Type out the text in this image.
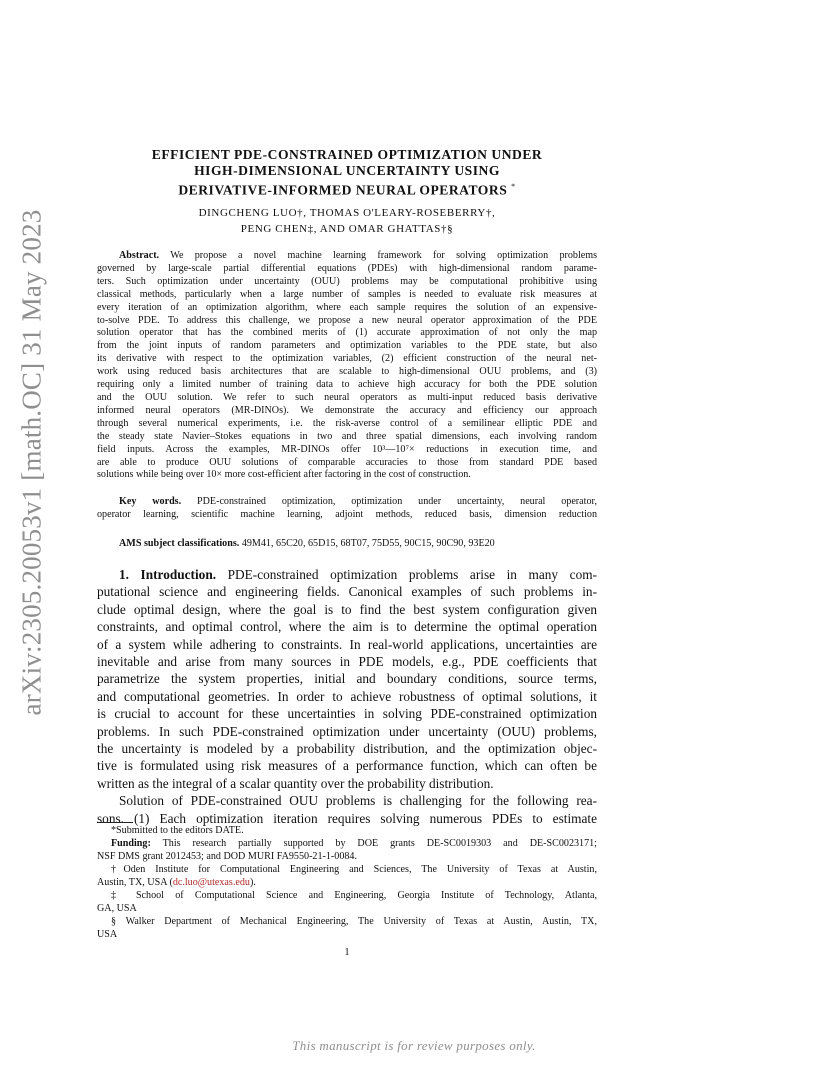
arXiv:2305.20053v1 [math.OC] 31 May 2023
EFFICIENT PDE-CONSTRAINED OPTIMIZATION UNDER
HIGH-DIMENSIONAL UNCERTAINTY USING
DERIVATIVE-INFORMED NEURAL OPERATORS *
DINGCHENG LUO†, THOMAS O'LEARY-ROSEBERRY†,
PENG CHEN‡, AND OMAR GHATTAS†§
Abstract. We propose a novel machine learning framework for solving optimization problems
governed by large-scale partial differential equations (PDEs) with high-dimensional random parame-
ters. Such optimization under uncertainty (OUU) problems may be computational prohibitive using
classical methods, particularly when a large number of samples is needed to evaluate risk measures at
every iteration of an optimization algorithm, where each sample requires the solution of an expensive-
to-solve PDE. To address this challenge, we propose a new neural operator approximation of the PDE
solution operator that has the combined merits of (1) accurate approximation of not only the map
from the joint inputs of random parameters and optimization variables to the PDE state, but also
its derivative with respect to the optimization variables, (2) efficient construction of the neural net-
work using reduced basis architectures that are scalable to high-dimensional OUU problems, and (3)
requiring only a limited number of training data to achieve high accuracy for both the PDE solution
and the OUU solution. We refer to such neural operators as multi-input reduced basis derivative
informed neural operators (MR-DINOs). We demonstrate the accuracy and efficiency our approach
through several numerical experiments, i.e. the risk-averse control of a semilinear elliptic PDE and
the steady state Navier–Stokes equations in two and three spatial dimensions, each involving random
field inputs. Across the examples, MR-DINOs offer 10³—10⁷× reductions in execution time, and
are able to produce OUU solutions of comparable accuracies to those from standard PDE based
solutions while being over 10× more cost-efficient after factoring in the cost of construction.
Key words. PDE-constrained optimization, optimization under uncertainty, neural operator,
operator learning, scientific machine learning, adjoint methods, reduced basis, dimension reduction
AMS subject classifications. 49M41, 65C20, 65D15, 68T07, 75D55, 90C15, 90C90, 93E20
1. Introduction. PDE-constrained optimization problems arise in many com-
putational science and engineering fields. Canonical examples of such problems in-
clude optimal design, where the goal is to find the best system configuration given
constraints, and optimal control, where the aim is to determine the optimal operation
of a system while adhering to constraints. In real-world applications, uncertainties are
inevitable and arise from many sources in PDE models, e.g., PDE coefficients that
parametrize the system properties, initial and boundary conditions, source terms,
and computational geometries. In order to achieve robustness of optimal solutions, it
is crucial to account for these uncertainties in solving PDE-constrained optimization
problems. In such PDE-constrained optimization under uncertainty (OUU) problems,
the uncertainty is modeled by a probability distribution, and the optimization objec-
tive is formulated using risk measures of a performance function, which can often be
written as the integral of a scalar quantity over the probability distribution.
Solution of PDE-constrained OUU problems is challenging for the following rea-
sons. (1) Each optimization iteration requires solving numerous PDEs to estimate
*Submitted to the editors DATE.
Funding: This research partially supported by DOE grants DE-SC0019303 and DE-SC0023171;
NSF DMS grant 2012453; and DOD MURI FA9550-21-1-0084.
†Oden Institute for Computational Engineering and Sciences, The University of Texas at Austin,
Austin, TX, USA (dc.luo@utexas.edu).
‡ School of Computational Science and Engineering, Georgia Institute of Technology, Atlanta,
GA, USA
§ Walker Department of Mechanical Engineering, The University of Texas at Austin, Austin, TX,
USA
1
This manuscript is for review purposes only.
